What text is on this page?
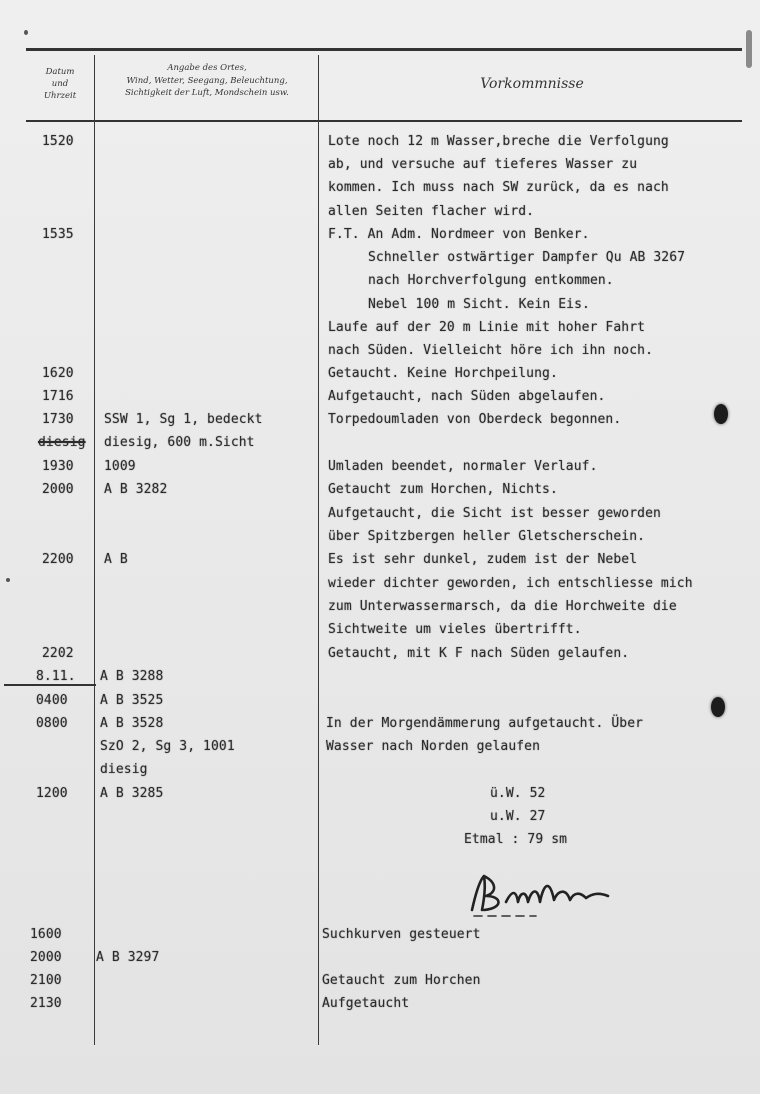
Datum
und
Uhrzeit
Angabe des Ortes,
Wind, Wetter, Seegang, Beleuchtung,
Sichtigkeit der Luft, Mondschein usw.
Vorkommnisse
1520
1535
1620
1716
1730
diesig
1930
2000
2200
2202
8.11.
0400
0800
1200
1600
2000
2100
2130
SSW 1, Sg 1, bedeckt
diesig, 600 m.Sicht
1009
A B 3282
A B
A B 3288
A B 3525
A B 3528
SzO 2, Sg 3, 1001
diesig
A B 3285
A B 3297
Lote noch 12 m Wasser,breche die Verfolgung
ab, und versuche auf tieferes Wasser zu
kommen. Ich muss nach SW zurück, da es nach
allen Seiten flacher wird.
F.T. An Adm. Nordmeer von Benker.
Schneller ostwärtiger Dampfer Qu AB 3267
nach Horchverfolgung entkommen.
Nebel 100 m Sicht. Kein Eis.
Laufe auf der 20 m Linie mit hoher Fahrt
nach Süden. Vielleicht höre ich ihn noch.
Getaucht. Keine Horchpeilung.
Aufgetaucht, nach Süden abgelaufen.
Torpedoumladen von Oberdeck begonnen.
Umladen beendet, normaler Verlauf.
Getaucht zum Horchen, Nichts.
Aufgetaucht, die Sicht ist besser geworden
über Spitzbergen heller Gletscherschein.
Es ist sehr dunkel, zudem ist der Nebel
wieder dichter geworden, ich entschliesse mich
zum Unterwassermarsch, da die Horchweite die
Sichtweite um vieles übertrifft.
Getaucht, mit K F nach Süden gelaufen.
In der Morgendämmerung aufgetaucht. Über
Wasser nach Norden gelaufen
ü.W. 52
u.W. 27
Etmal : 79 sm
Suchkurven gesteuert
Getaucht zum Horchen
Aufgetaucht
